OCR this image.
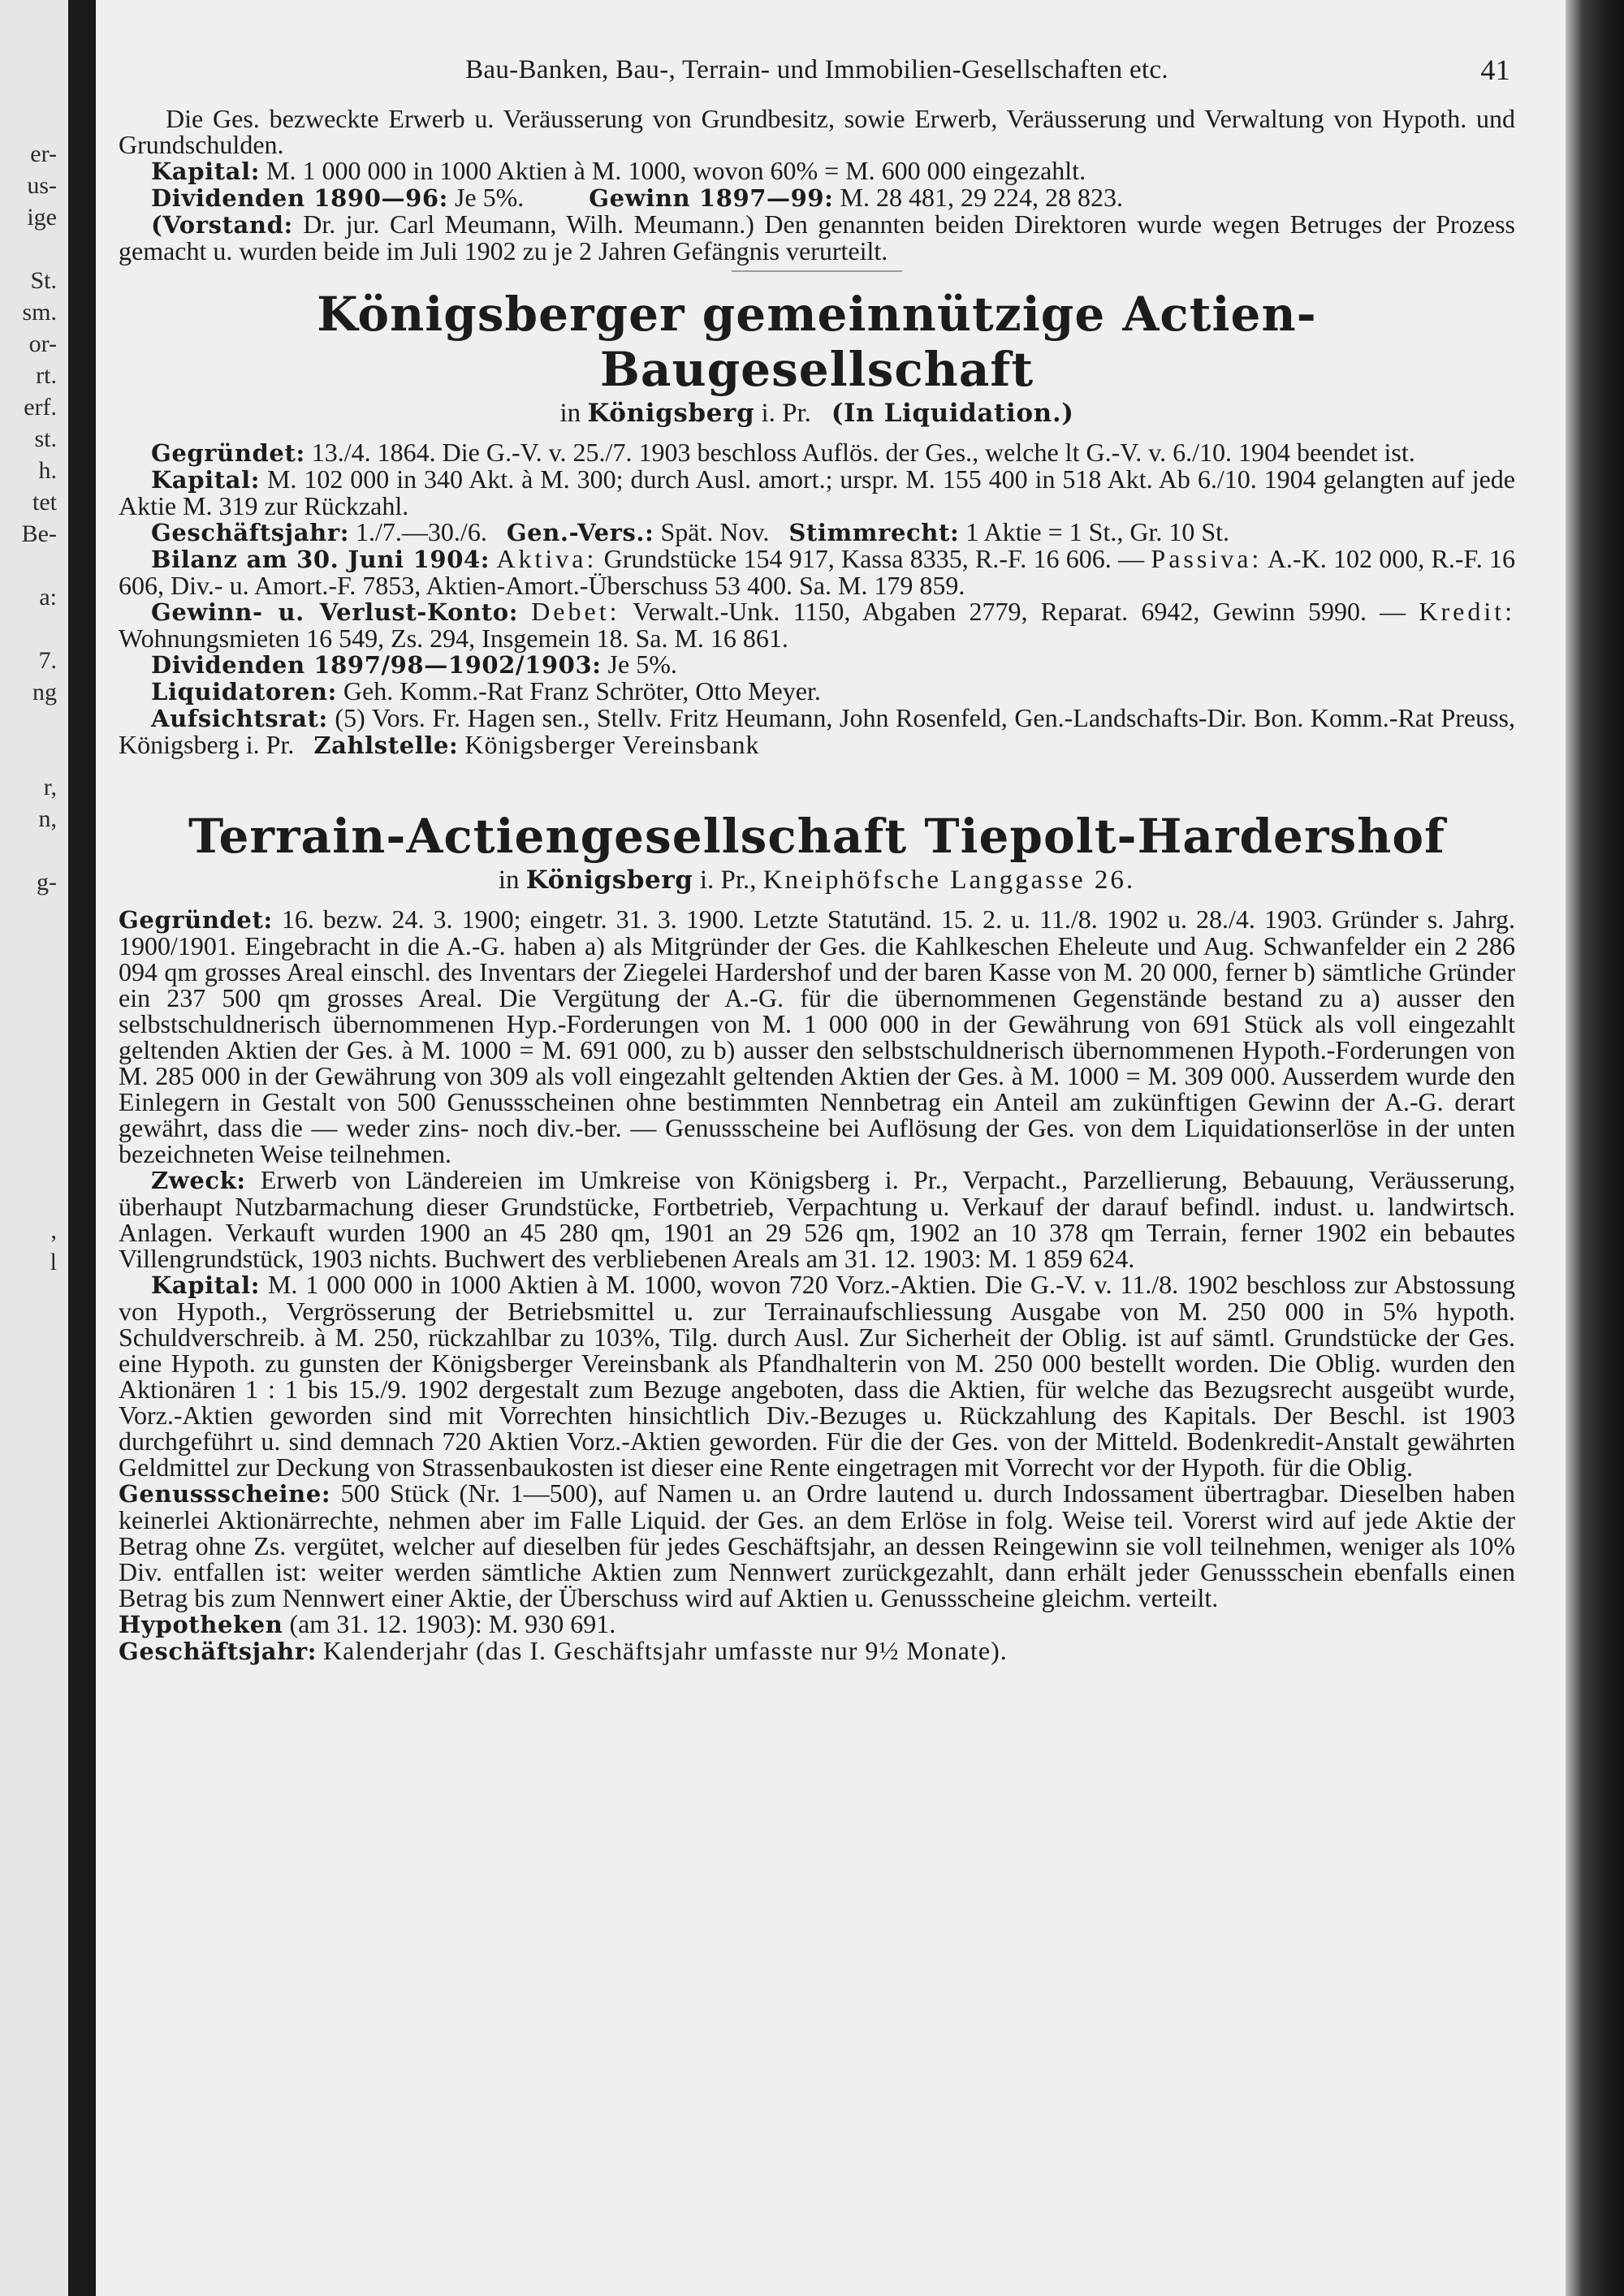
er-
us-
ige
St.
sm.
or-
rt.
erf.
st.
h.
tet
Be-
a:
7.
ng
r,
n,
g-
,
l
Bau-Banken, Bau-, Terrain- und Immobilien-Gesellschaften etc.	41

Die Ges. bezweckte Erwerb u. Veräusserung von Grundbesitz, sowie Erwerb, Veräusserung und Verwaltung von Hypoth. und Grundschulden.

Kapital: M. 1 000 000 in 1000 Aktien à M. 1000, wovon 60% = M. 600 000 eingezahlt.

Dividenden 1890—96: Je 5%.	Gewinn 1897—99: M. 28 481, 29 224, 28 823.

(Vorstand: Dr. jur. Carl Meumann, Wilh. Meumann.) Den genannten beiden Direktoren wurde wegen Betruges der Prozess gemacht u. wurden beide im Juli 1902 zu je 2 Jahren Gefängnis verurteilt.

Königsberger gemeinnützige Actien-Baugesellschaft
in Königsberg i. Pr. (In Liquidation.)

Gegründet: 13./4. 1864. Die G.-V. v. 25./7. 1903 beschloss Auflös. der Ges., welche lt G.-V. v. 6./10. 1904 beendet ist.

Kapital: M. 102 000 in 340 Akt. à M. 300; durch Ausl. amort.; urspr. M. 155 400 in 518 Akt. Ab 6./10. 1904 gelangten auf jede Aktie M. 319 zur Rückzahl.

Geschäftsjahr: 1./7.—30./6. Gen.-Vers.: Spät. Nov. Stimmrecht: 1 Aktie = 1 St., Gr. 10 St.

Bilanz am 30. Juni 1904: Aktiva: Grundstücke 154 917, Kassa 8335, R.-F. 16 606. — Passiva: A.-K. 102 000, R.-F. 16 606, Div.- u. Amort.-F. 7853, Aktien-Amort.-Überschuss 53 400. Sa. M. 179 859.

Gewinn- u. Verlust-Konto: Debet: Verwalt.-Unk. 1150, Abgaben 2779, Reparat. 6942, Gewinn 5990. — Kredit: Wohnungsmieten 16 549, Zs. 294, Insgemein 18. Sa. M. 16 861.

Dividenden 1897/98—1902/1903: Je 5%.

Liquidatoren: Geh. Komm.-Rat Franz Schröter, Otto Meyer.

Aufsichtsrat: (5) Vors. Fr. Hagen sen., Stellv. Fritz Heumann, John Rosenfeld, Gen.-Landschafts-Dir. Bon. Komm.-Rat Preuss, Königsberg i. Pr. Zahlstelle: Königsberger Vereinsbank

Terrain-Actiengesellschaft Tiepolt-Hardershof
in Königsberg i. Pr., Kneiphöfsche Langgasse 26.

Gegründet: 16. bezw. 24. 3. 1900; eingetr. 31. 3. 1900. Letzte Statutänd. 15. 2. u. 11./8. 1902 u. 28./4. 1903. Gründer s. Jahrg. 1900/1901. Eingebracht in die A.-G. haben a) als Mitgründer der Ges. die Kahlkeschen Eheleute und Aug. Schwanfelder ein 2 286 094 qm grosses Areal einschl. des Inventars der Ziegelei Hardershof und der baren Kasse von M. 20 000, ferner b) sämtliche Gründer ein 237 500 qm grosses Areal. Die Vergütung der A.-G. für die übernommenen Gegenstände bestand zu a) ausser den selbstschuldnerisch übernommenen Hyp.-Forderungen von M. 1 000 000 in der Gewährung von 691 Stück als voll eingezahlt geltenden Aktien der Ges. à M. 1000 = M. 691 000, zu b) ausser den selbstschuldnerisch übernommenen Hypoth.-Forderungen von M. 285 000 in der Gewährung von 309 als voll eingezahlt geltenden Aktien der Ges. à M. 1000 = M. 309 000. Ausserdem wurde den Einlegern in Gestalt von 500 Genussscheinen ohne bestimmten Nennbetrag ein Anteil am zukünftigen Gewinn der A.-G. derart gewährt, dass die — weder zins- noch div.-ber. — Genussscheine bei Auflösung der Ges. von dem Liquidationserlöse in der unten bezeichneten Weise teilnehmen.

Zweck: Erwerb von Ländereien im Umkreise von Königsberg i. Pr., Verpacht., Parzellierung, Bebauung, Veräusserung, überhaupt Nutzbarmachung dieser Grundstücke, Fortbetrieb, Verpachtung u. Verkauf der darauf befindl. indust. u. landwirtsch. Anlagen. Verkauft wurden 1900 an 45 280 qm, 1901 an 29 526 qm, 1902 an 10 378 qm Terrain, ferner 1902 ein bebautes Villengrundstück, 1903 nichts. Buchwert des verbliebenen Areals am 31. 12. 1903: M. 1 859 624.

Kapital: M. 1 000 000 in 1000 Aktien à M. 1000, wovon 720 Vorz.-Aktien. Die G.-V. v. 11./8. 1902 beschloss zur Abstossung von Hypoth., Vergrösserung der Betriebsmittel u. zur Terrainaufschliessung Ausgabe von M. 250 000 in 5% hypoth. Schuldverschreib. à M. 250, rückzahlbar zu 103%, Tilg. durch Ausl. Zur Sicherheit der Oblig. ist auf sämtl. Grundstücke der Ges. eine Hypoth. zu gunsten der Königsberger Vereinsbank als Pfandhalterin von M. 250 000 bestellt worden. Die Oblig. wurden den Aktionären 1 : 1 bis 15./9. 1902 dergestalt zum Bezuge angeboten, dass die Aktien, für welche das Bezugsrecht ausgeübt wurde, Vorz.-Aktien geworden sind mit Vorrechten hinsichtlich Div.-Bezuges u. Rückzahlung des Kapitals. Der Beschl. ist 1903 durchgeführt u. sind demnach 720 Aktien Vorz.-Aktien geworden. Für die der Ges. von der Mitteld. Bodenkredit-Anstalt gewährten Geldmittel zur Deckung von Strassenbaukosten ist dieser eine Rente eingetragen mit Vorrecht vor der Hypoth. für die Oblig.

Genussscheine: 500 Stück (Nr. 1—500), auf Namen u. an Ordre lautend u. durch Indossament übertragbar. Dieselben haben keinerlei Aktionärrechte, nehmen aber im Falle Liquid. der Ges. an dem Erlöse in folg. Weise teil. Vorerst wird auf jede Aktie der Betrag ohne Zs. vergütet, welcher auf dieselben für jedes Geschäftsjahr, an dessen Reingewinn sie voll teilnehmen, weniger als 10% Div. entfallen ist: weiter werden sämtliche Aktien zum Nennwert zurückgezahlt, dann erhält jeder Genussschein ebenfalls einen Betrag bis zum Nennwert einer Aktie, der Überschuss wird auf Aktien u. Genussscheine gleichm. verteilt.

Hypotheken (am 31. 12. 1903): M. 930 691.

Geschäftsjahr: Kalenderjahr (das I. Geschäftsjahr umfasste nur 9½ Monate).
